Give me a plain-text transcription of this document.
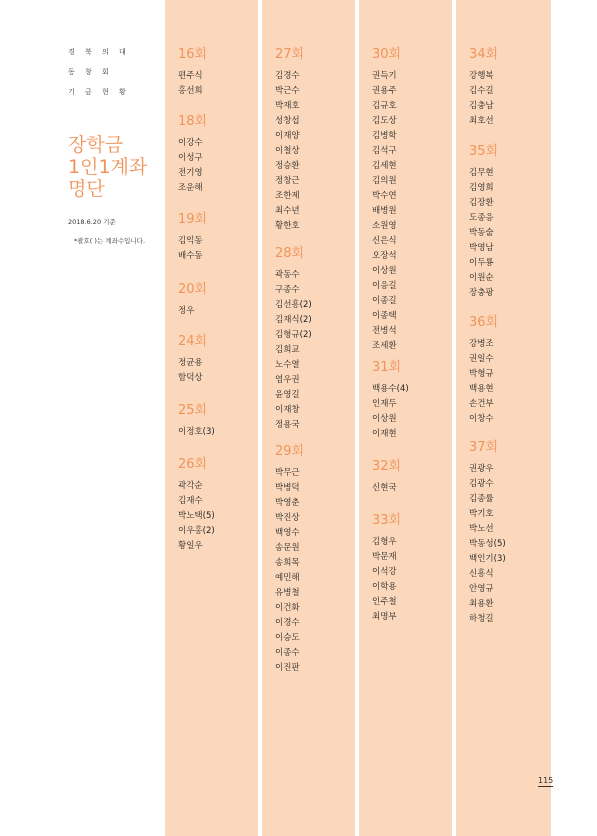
경 북 의 대
동 창 회
기 금 현 황
장학금
1인1계좌
명단
2018.6.20 기준
*괄호( )는 계좌수입니다.
16회
편주식
홍선희
18회
이강수
이성구
전기영
조운해
19회
김익동
배수동
20회
정우
24회
정균용
함덕상
25회
이정호(3)
26회
곽각순
김재수
박노택(5)
이우홍(2)
황일우
27회
김경수
박근수
박재호
성창섭
이재양
이철상
정승환
정창근
조한제
최수년
황한호
28회
곽동수
구종수
김선흥(2)
김재식(2)
김형규(2)
김희교
노수열
염우권
윤영길
이재창
정용국
29회
박무근
박병덕
박영춘
박진상
백영수
송문원
송희목
예민해
유병철
이건화
이경수
이승도
이종수
이진판
30회
권득기
권용주
김규호
김도상
김병학
김석구
김세현
김의원
박수연
배병원
소원영
신은식
오장석
이상원
이응길
이종길
이종택
전병석
조세환
31회
백용수(4)
인재두
이상원
이재현
32회
신현국
33회
김형우
박문재
이석강
이학용
인주철
최명부
34회
강행복
김수길
김충남
최호선
35회
김무현
김영희
김장환
도종응
박동술
박영남
이두룡
이원순
장충팡
36회
강병조
권일수
박형규
백용현
손건부
이창수
37회
권광우
김광수
김종률
박기호
박노선
박동성(5)
백인기(3)
신흥식
안영규
최용환
하청길
115
